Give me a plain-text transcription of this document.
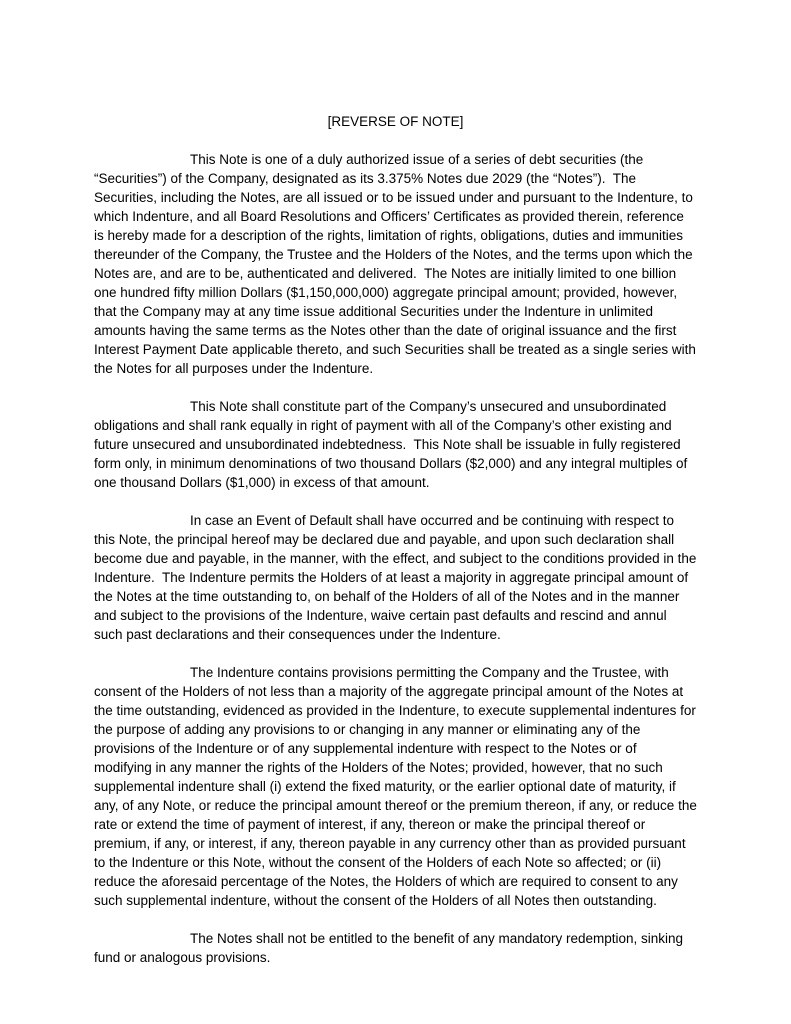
[REVERSE OF NOTE]

This Note is one of a duly authorized issue of a series of debt securities (the “Securities”) of the Company, designated as its 3.375% Notes due 2029 (the “Notes”).  The Securities, including the Notes, are all issued or to be issued under and pursuant to the Indenture, to which Indenture, and all Board Resolutions and Officers’ Certificates as provided therein, reference is hereby made for a description of the rights, limitation of rights, obligations, duties and immunities thereunder of the Company, the Trustee and the Holders of the Notes, and the terms upon which the Notes are, and are to be, authenticated and delivered.  The Notes are initially limited to one billion one hundred fifty million Dollars ($1,150,000,000) aggregate principal amount; provided, however, that the Company may at any time issue additional Securities under the Indenture in unlimited amounts having the same terms as the Notes other than the date of original issuance and the first Interest Payment Date applicable thereto, and such Securities shall be treated as a single series with the Notes for all purposes under the Indenture.

This Note shall constitute part of the Company’s unsecured and unsubordinated obligations and shall rank equally in right of payment with all of the Company’s other existing and future unsecured and unsubordinated indebtedness.  This Note shall be issuable in fully registered form only, in minimum denominations of two thousand Dollars ($2,000) and any integral multiples of one thousand Dollars ($1,000) in excess of that amount.

In case an Event of Default shall have occurred and be continuing with respect to this Note, the principal hereof may be declared due and payable, and upon such declaration shall become due and payable, in the manner, with the effect, and subject to the conditions provided in the Indenture.  The Indenture permits the Holders of at least a majority in aggregate principal amount of the Notes at the time outstanding to, on behalf of the Holders of all of the Notes and in the manner and subject to the provisions of the Indenture, waive certain past defaults and rescind and annul such past declarations and their consequences under the Indenture.

The Indenture contains provisions permitting the Company and the Trustee, with consent of the Holders of not less than a majority of the aggregate principal amount of the Notes at the time outstanding, evidenced as provided in the Indenture, to execute supplemental indentures for the purpose of adding any provisions to or changing in any manner or eliminating any of the provisions of the Indenture or of any supplemental indenture with respect to the Notes or of modifying in any manner the rights of the Holders of the Notes; provided, however, that no such supplemental indenture shall (i) extend the fixed maturity, or the earlier optional date of maturity, if any, of any Note, or reduce the principal amount thereof or the premium thereon, if any, or reduce the rate or extend the time of payment of interest, if any, thereon or make the principal thereof or premium, if any, or interest, if any, thereon payable in any currency other than as provided pursuant to the Indenture or this Note, without the consent of the Holders of each Note so affected; or (ii) reduce the aforesaid percentage of the Notes, the Holders of which are required to consent to any such supplemental indenture, without the consent of the Holders of all Notes then outstanding.

The Notes shall not be entitled to the benefit of any mandatory redemption, sinking fund or analogous provisions.
